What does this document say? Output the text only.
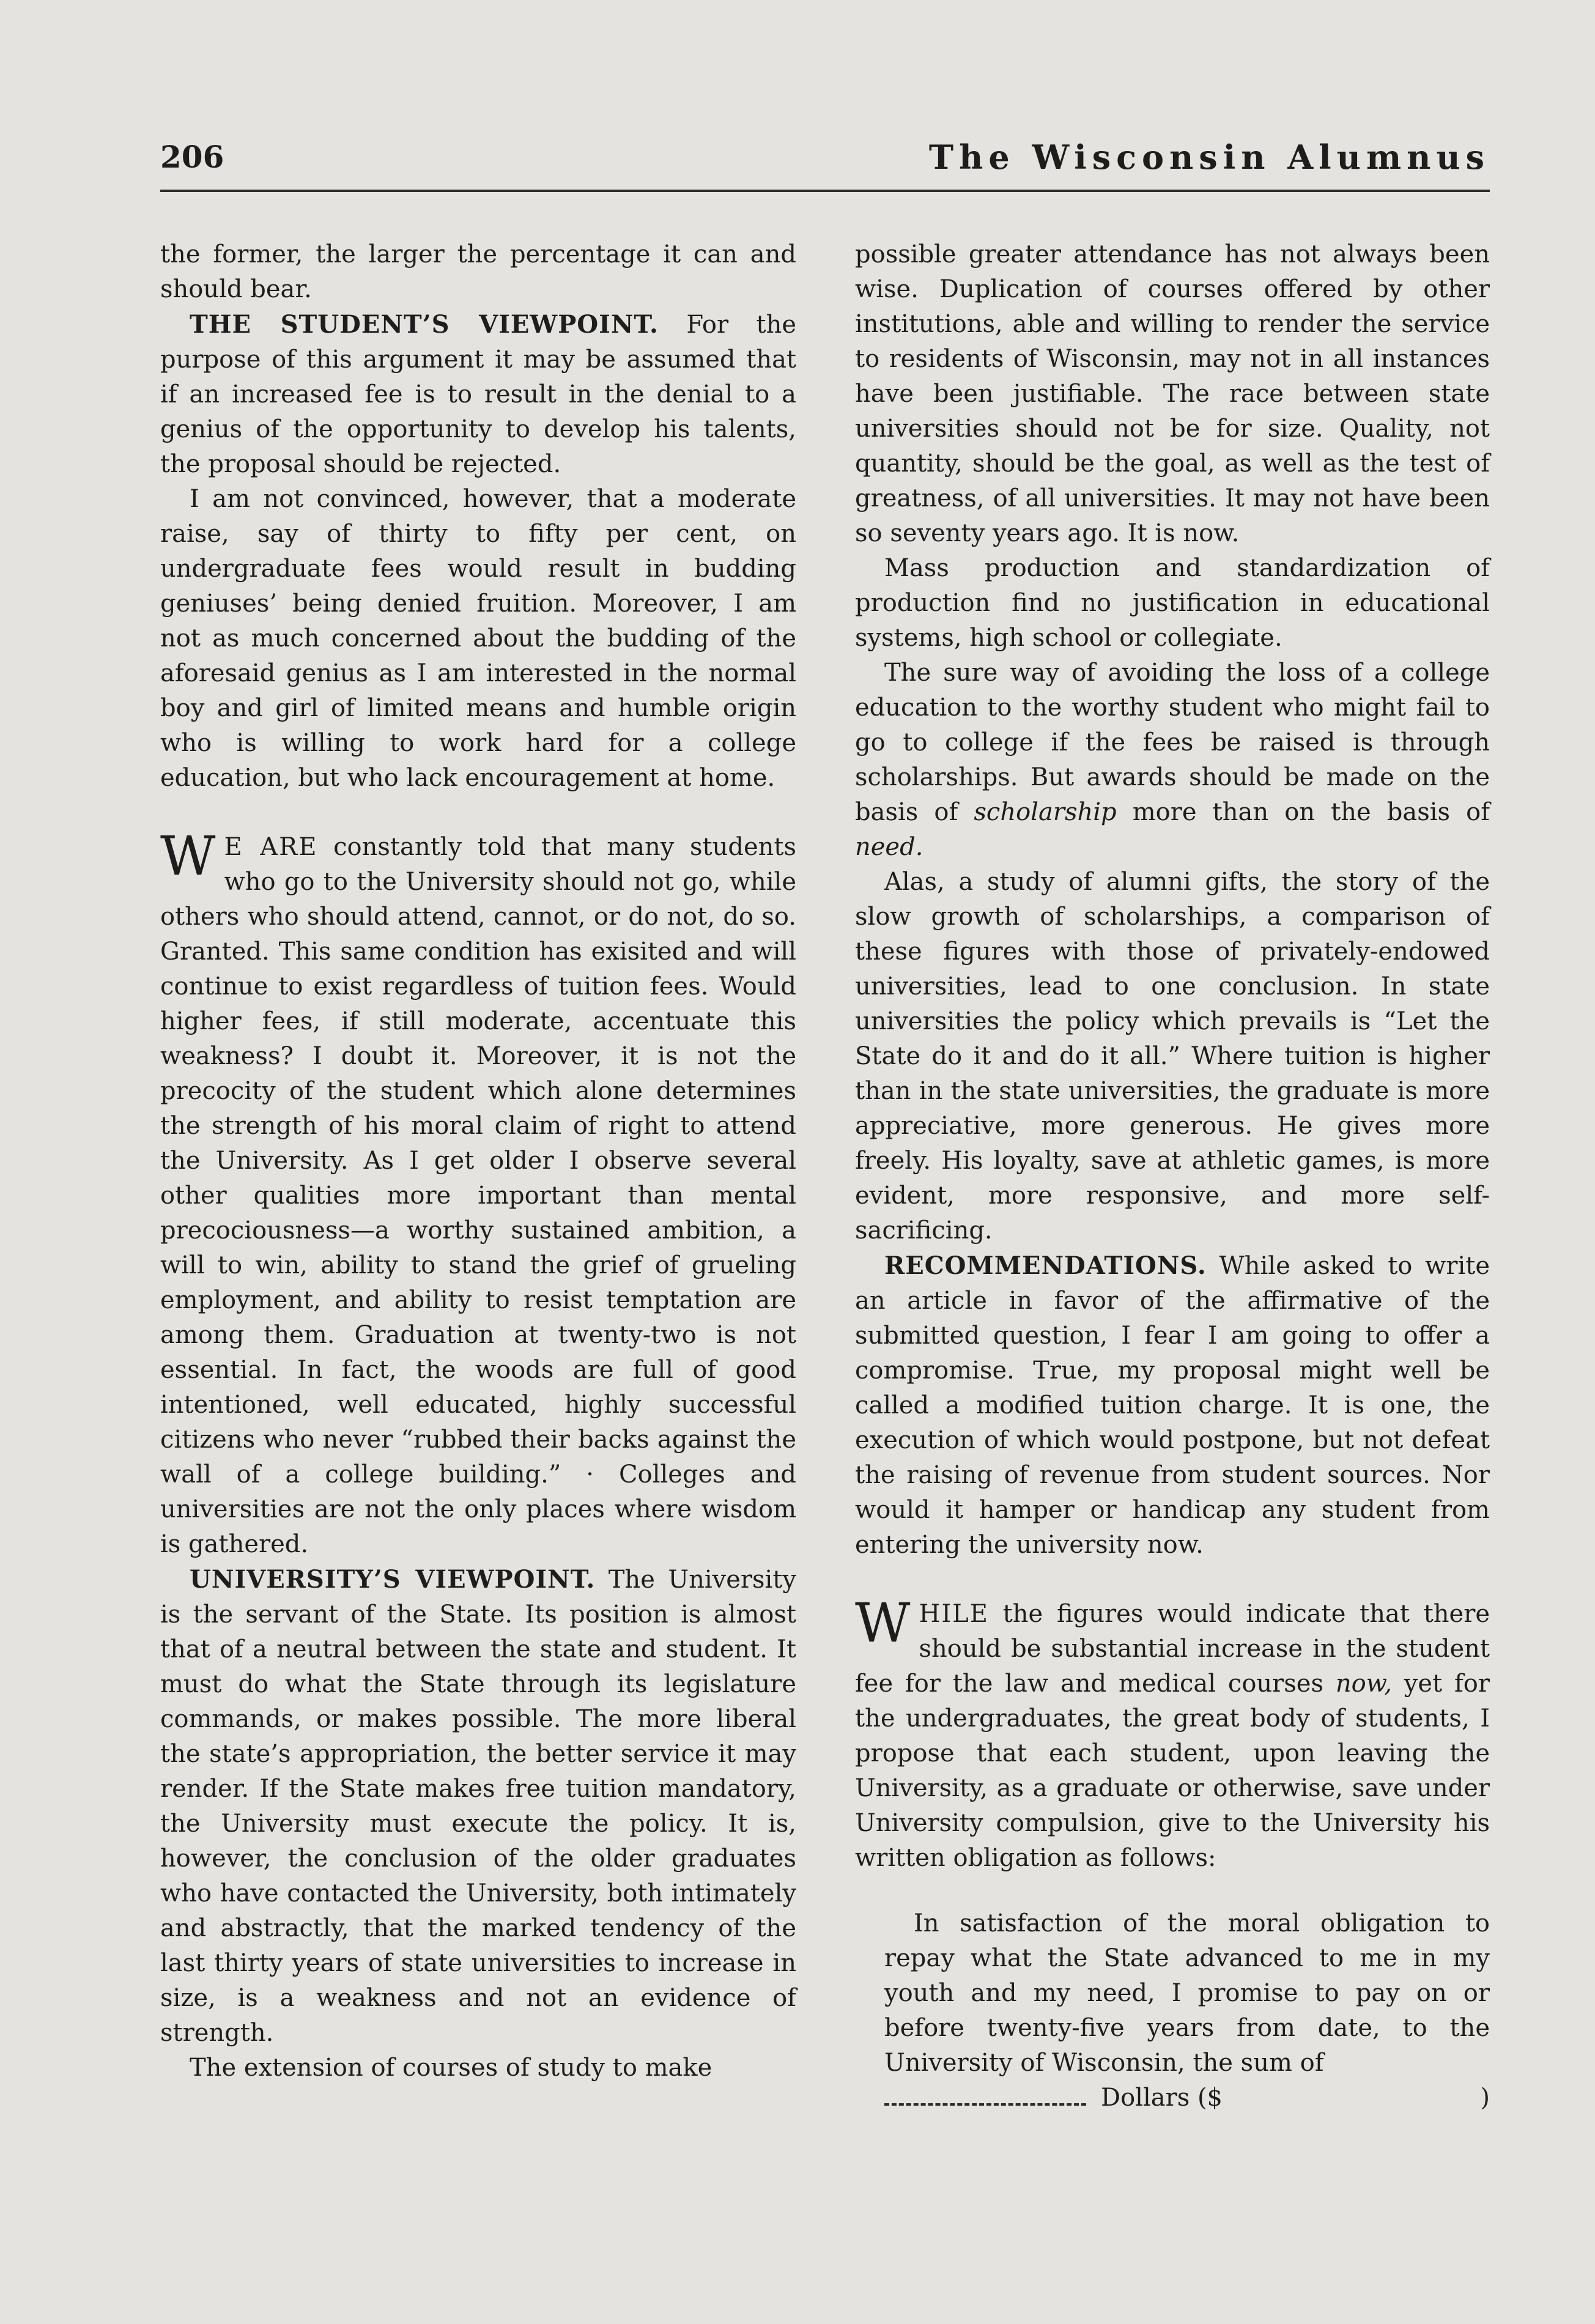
206	The Wisconsin Alumnus

the former, the larger the percentage it can and should bear.

THE STUDENT’S VIEWPOINT. For the purpose of this argument it may be assumed that if an increased fee is to result in the denial to a genius of the opportunity to develop his talents, the proposal should be rejected.

I am not convinced, however, that a moderate raise, say of thirty to fifty per cent, on undergraduate fees would result in budding geniuses’ being denied fruition. Moreover, I am not as much concerned about the budding of the aforesaid genius as I am interested in the normal boy and girl of limited means and humble origin who is willing to work hard for a college education, but who lack encouragement at home.

W E ARE constantly told that many students who go to the University should not go, while others who should attend, cannot, or do not, do so. Granted. This same condition has exisited and will continue to exist regardless of tuition fees. Would higher fees, if still moderate, accentuate this weakness? I doubt it. Moreover, it is not the precocity of the student which alone determines the strength of his moral claim of right to attend the University. As I get older I observe several other qualities more important than mental precociousness—a worthy sustained ambition, a will to win, ability to stand the grief of grueling employment, and ability to resist temptation are among them. Graduation at twenty-two is not essential. In fact, the woods are full of good intentioned, well educated, highly successful citizens who never “rubbed their backs against the wall of a college building.” · Colleges and universities are not the only places where wisdom is gathered.

UNIVERSITY’S VIEWPOINT. The University is the servant of the State. Its position is almost that of a neutral between the state and student. It must do what the State through its legislature commands, or makes possible. The more liberal the state’s appropriation, the better service it may render. If the State makes free tuition mandatory, the University must execute the policy. It is, however, the conclusion of the older graduates who have contacted the University, both intimately and abstractly, that the marked tendency of the last thirty years of state universities to increase in size, is a weakness and not an evidence of strength.

The extension of courses of study to make

possible greater attendance has not always been wise. Duplication of courses offered by other institutions, able and willing to render the service to residents of Wisconsin, may not in all instances have been justifiable. The race between state universities should not be for size. Quality, not quantity, should be the goal, as well as the test of greatness, of all universities. It may not have been so seventy years ago. It is now.

Mass production and standardization of production find no justification in educational systems, high school or collegiate.

The sure way of avoiding the loss of a college education to the worthy student who might fail to go to college if the fees be raised is through scholarships. But awards should be made on the basis of scholarship more than on the basis of need.

Alas, a study of alumni gifts, the story of the slow growth of scholarships, a comparison of these figures with those of privately-endowed universities, lead to one conclusion. In state universities the policy which prevails is “Let the State do it and do it all.” Where tuition is higher than in the state universities, the graduate is more appreciative, more generous. He gives more freely. His loyalty, save at athletic games, is more evident, more responsive, and more self-sacrificing.

RECOMMENDATIONS. While asked to write an article in favor of the affirmative of the submitted question, I fear I am going to offer a compromise. True, my proposal might well be called a modified tuition charge. It is one, the execution of which would postpone, but not defeat the raising of revenue from student sources. Nor would it hamper or handicap any student from entering the university now.

WHILE the figures would indicate that there should be substantial increase in the student fee for the law and medical courses now, yet for the undergraduates, the great body of students, I propose that each student, upon leaving the University, as a graduate or otherwise, save under University compulsion, give to the University his written obligation as follows:

In satisfaction of the moral obligation to repay what the State advanced to me in my youth and my need, I promise to pay on or before twenty-five years from date, to the University of Wisconsin, the sum of

Dollars ($	)
